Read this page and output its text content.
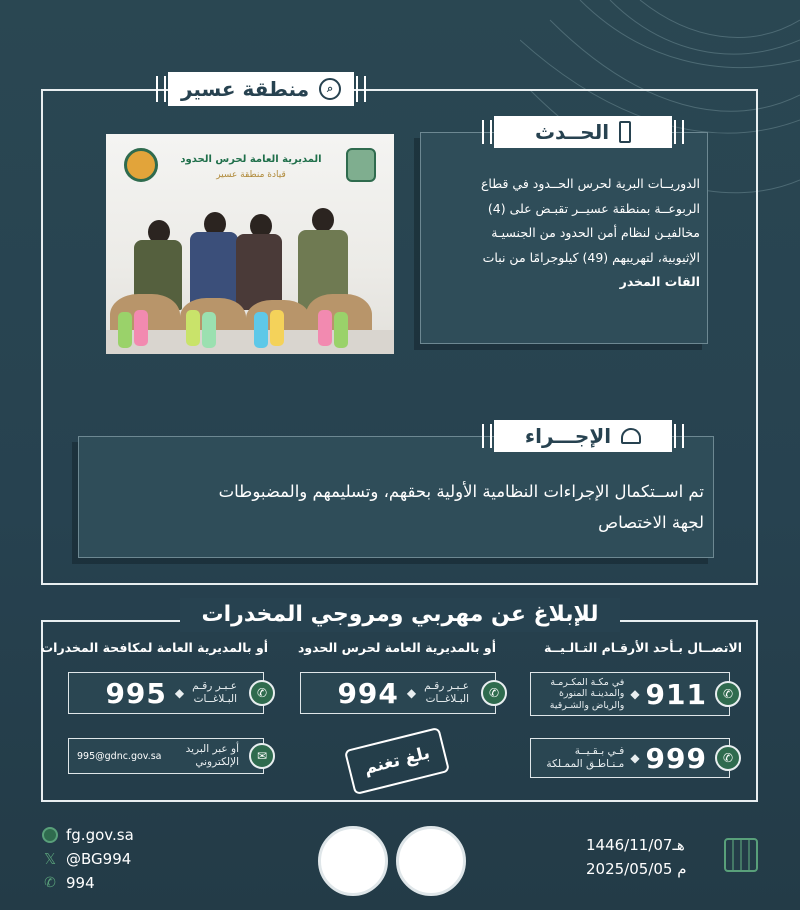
⌕
منطقة عسير
الحــدث
الدوريــات البرية لحرس الحــدود في قطاع
الربوعــة بمنطقة عسيــر تقبـض على (4)
مخالفيـن لنظام أمن الحدود من الجنسيـة
الإثيوبية، لتهريبهم (49) كيلوجرامًا من نبات
القات المخدر
المديرية العامة لحرس الحدود
قيادة منطقة عسير
الإجـــراء
تم اســتكمال الإجراءات النظامية الأولية بحقهم، وتسليمهم والمضبوطات
لجهة الاختصاص
للإبلاغ عن مهربي ومروجي المخدرات
الاتصــال بـأحد الأرقـام التـالـيــة
أو بالمديرية العامة لحرس الحدود
أو بالمديرية العامة لمكافحة المخدرات
✆
911
◆
في مكـة المكـرمـة
والمدينـة المنورة
والرياض والشـرقية
✆
999
◆
فـي بـقـيــة
مـنـاطـق الممـلكة
✆
عـبـر رقـم
البـلاغــات
◆
994
✆
عـبـر رقـم
البـلاغــات
◆
995
✉
أو عبر البريد
الإلكتروني
995@gdnc.gov.sa	بلغ تغنم
fg.gov.sa
𝕏 @BG994
✆ 994
1446/11/07هـ
2025/05/05 م
